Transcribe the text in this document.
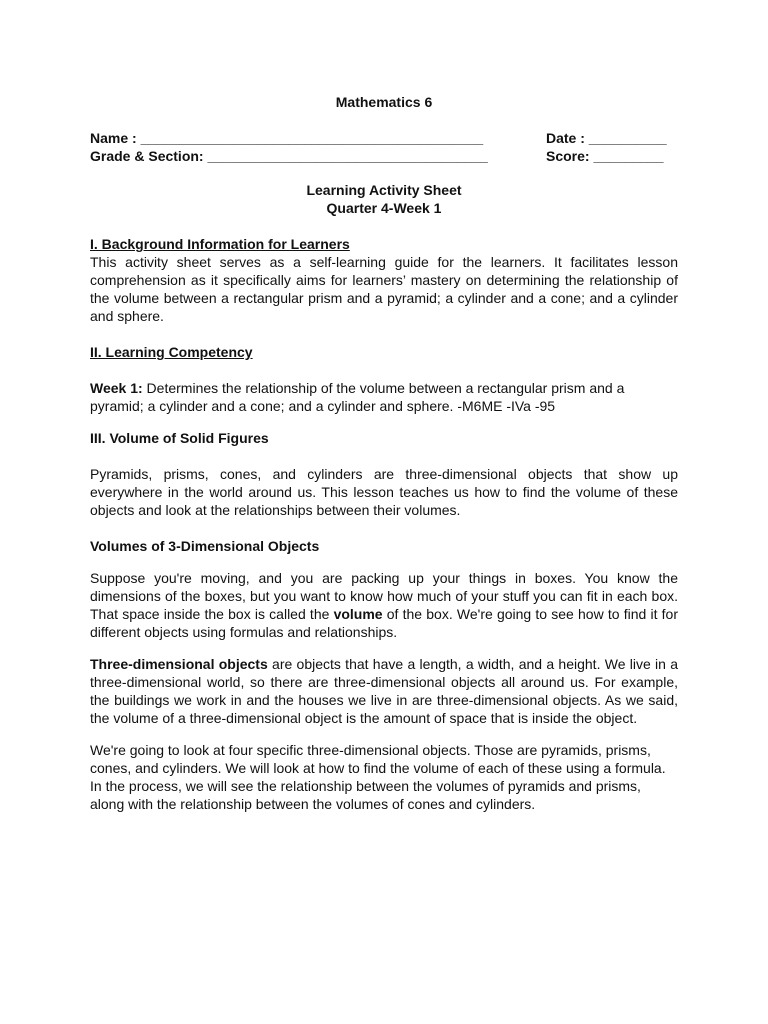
Mathematics 6
Name : ____________________________________________	Date : __________
Grade & Section: ____________________________________	Score: _________
Learning Activity Sheet
Quarter 4-Week 1

I. Background Information for Learners

This activity sheet serves as a self-learning guide for the learners. It facilitates lesson comprehension as it specifically aims for learners’ mastery on determining the relationship of the volume between a rectangular prism and a pyramid; a cylinder and a cone; and a cylinder and sphere.

II. Learning Competency

Week 1: Determines the relationship of the volume between a rectangular prism and a pyramid; a cylinder and a cone; and a cylinder and sphere. -M6ME -IVa -95

III. Volume of Solid Figures

Pyramids, prisms, cones, and cylinders are three-dimensional objects that show up everywhere in the world around us. This lesson teaches us how to find the volume of these objects and look at the relationships between their volumes.

Volumes of 3-Dimensional Objects

Suppose you're moving, and you are packing up your things in boxes. You know the dimensions of the boxes, but you want to know how much of your stuff you can fit in each box. That space inside the box is called the volume of the box. We're going to see how to find it for different objects using formulas and relationships.

Three-dimensional objects are objects that have a length, a width, and a height. We live in a three-dimensional world, so there are three-dimensional objects all around us. For example, the buildings we work in and the houses we live in are three-dimensional objects. As we said, the volume of a three-dimensional object is the amount of space that is inside the object.

We're going to look at four specific three-dimensional objects. Those are pyramids, prisms, cones, and cylinders. We will look at how to find the volume of each of these using a formula. In the process, we will see the relationship between the volumes of pyramids and prisms, along with the relationship between the volumes of cones and cylinders.
